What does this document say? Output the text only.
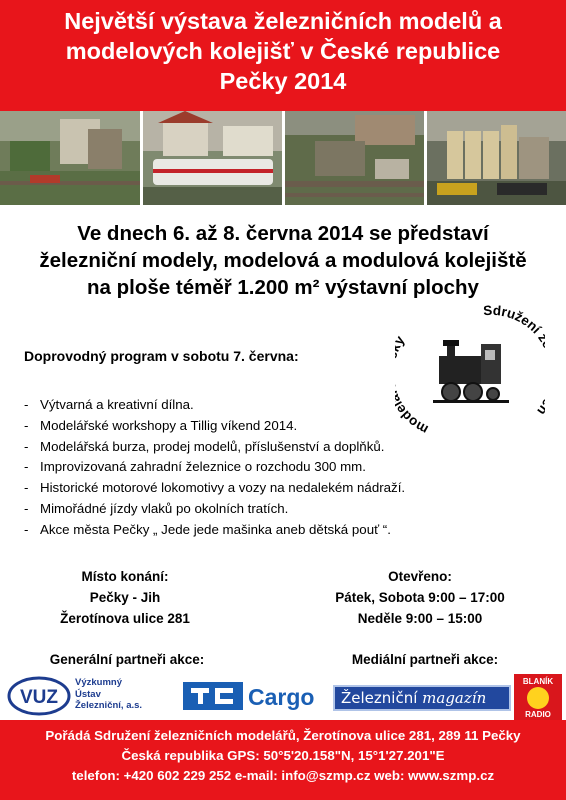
Největší výstava železničních modelů a
modelových kolejišť v České republice
Pečky 2014
Ve dnech 6. až 8. června 2014 se představí
železniční modely, modelová a modulová kolejiště
na ploše téměř 1.200 m² výstavní plochy
mod
Sdružení
Doprovodný program v sobotu 7. června:
- Výtvarná a kreativní dílna.
- Modelářské workshopy a Tillig víkend 2014.
- Modelářská burza, prodej modelů, příslušenství a doplňků.
- Improvizovaná zahradní železnice o rozchodu 300 mm.
- Historické motorové lokomotivy a vozy na nedalekém nádraží.
- Mimořádné jízdy vlaků po okolních tratích.
- Akce města Pečky „ Jede jede mašinka aneb dětská pouť “.
Místo konání:
Pečky - Jih
Žerotínova ulice 281
Otevřeno:
Pátek, Sobota 9:00 – 17:00
Neděle 9:00 – 15:00
Generální partneři akce:	Mediální partneři akce:
VUZ
Výzkumný
Ústav
Železniční, a.s.	Cargo	Železniční magazín
BLANÍK
RADIO
Pořádá Sdružení železničních modelářů, Žerotínova ulice 281, 289 11 Pečky
Česká republika GPS: 50°5'20.158"N, 15°1'27.201"E
telefon: +420 602 229 252 e-mail: info@szmp.cz web: www.szmp.cz
